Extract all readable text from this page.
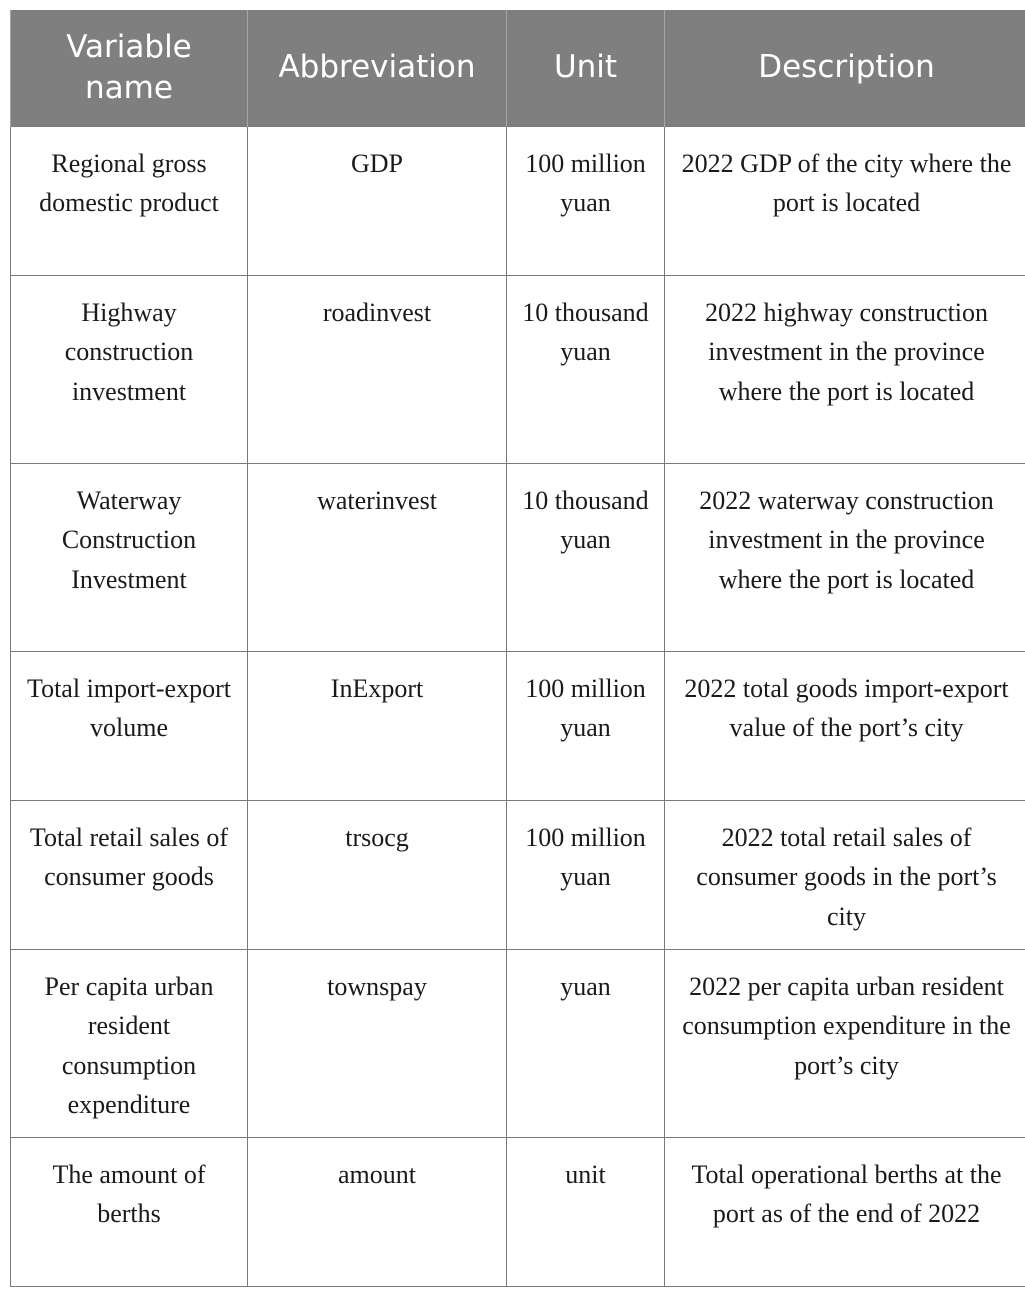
Variable name	Abbreviation	Unit	Description
Regional gross domestic product	GDP	100 million yuan	2022 GDP of the city where the port is located
Highway construction investment	roadinvest	10 thousand yuan	2022 highway construction investment in the province where the port is located
Waterway Construction Investment	waterinvest	10 thousand yuan	2022 waterway construction investment in the province where the port is located
Total import-export volume	InExport	100 million yuan	2022 total goods import-export value of the port’s city
Total retail sales of consumer goods	trsocg	100 million yuan	2022 total retail sales of consumer goods in the port’s city
Per capita urban resident consumption expenditure	townspay	yuan	2022 per capita urban resident consumption expenditure in the port’s city
The amount of berths	amount	unit	Total operational berths at the port as of the end of 2022
